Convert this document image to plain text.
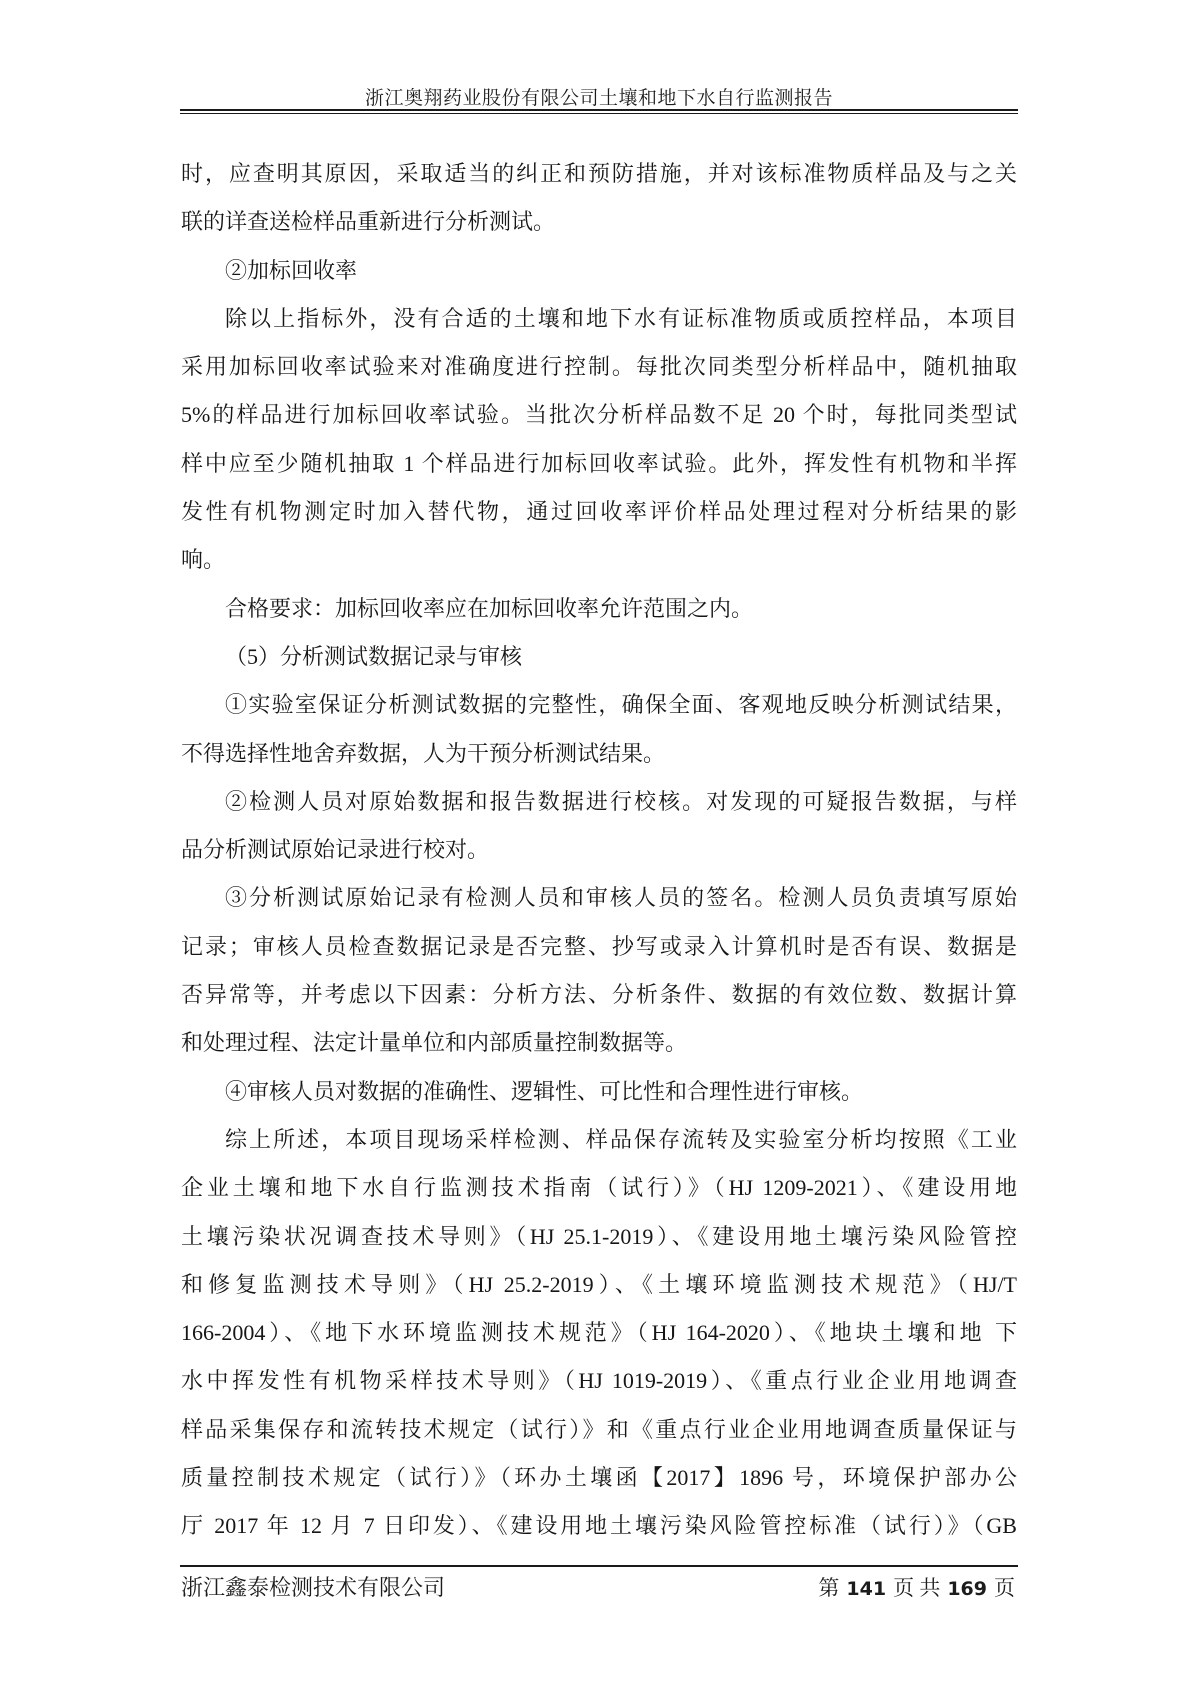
浙江奥翔药业股份有限公司土壤和地下水自行监测报告
时，应查明其原因，采取适当的纠正和预防措施，并对该标准物质样品及与之关
联的详查送检样品重新进行分析测试。
②加标回收率
除以上指标外，没有合适的土壤和地下水有证标准物质或质控样品，本项目
采用加标回收率试验来对准确度进行控制。每批次同类型分析样品中，随机抽取
5%的样品进行加标回收率试验。当批次分析样品数不足 20 个时，每批同类型试
样中应至少随机抽取 1 个样品进行加标回收率试验。此外，挥发性有机物和半挥
发性有机物测定时加入替代物，通过回收率评价样品处理过程对分析结果的影
响。
合格要求：加标回收率应在加标回收率允许范围之内。
（5）分析测试数据记录与审核
①实验室保证分析测试数据的完整性，确保全面、客观地反映分析测试结果，
不得选择性地舍弃数据，人为干预分析测试结果。
②检测人员对原始数据和报告数据进行校核。对发现的可疑报告数据，与样
品分析测试原始记录进行校对。
③分析测试原始记录有检测人员和审核人员的签名。检测人员负责填写原始
记录；审核人员检查数据记录是否完整、抄写或录入计算机时是否有误、数据是
否异常等，并考虑以下因素：分析方法、分析条件、数据的有效位数、数据计算
和处理过程、法定计量单位和内部质量控制数据等。
④审核人员对数据的准确性、逻辑性、可比性和合理性进行审核。
综上所述，本项目现场采样检测、样品保存流转及实验室分析均按照《工业
企业土壤和地下水自行监测技术指南（试行）》（HJ 1209-2021）、《建设用地
土壤污染状况调查技术导则》（HJ 25.1-2019）、《建设用地土壤污染风险管控
和修复监测技术导则》（HJ 25.2-2019）、《土壤环境监测技术规范》（HJ/T
166-2004）、《地下水环境监测技术规范》（HJ 164-2020）、《地块土壤和地 下
水中挥发性有机物采样技术导则》（HJ 1019-2019）、《重点行业企业用地调查
样品采集保存和流转技术规定（试行）》和《重点行业企业用地调查质量保证与
质量控制技术规定（试行）》（环办土壤函【2017】1896 号，环境保护部办公
厅 2017 年 12 月 7 日印发）、《建设用地土壤污染风险管控标准（试行）》（GB
浙江鑫泰检测技术有限公司	第 141 页 共 169 页
